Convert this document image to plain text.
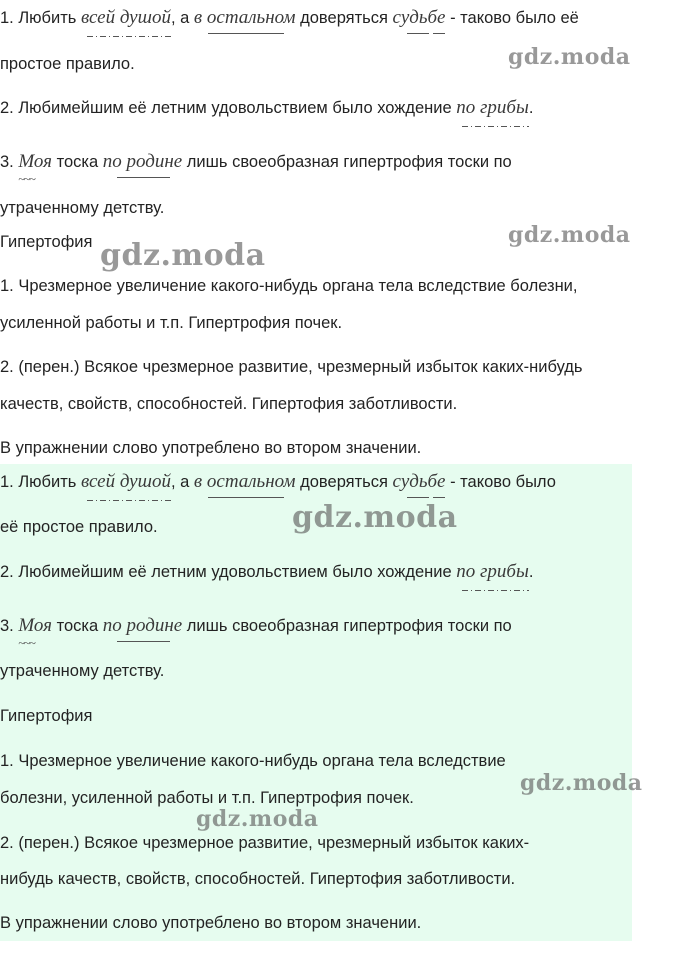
1. Любить всей душой, а в остальном доверяться судьбе - таково было её
простое правило.
2. Любимейшим её летним удовольствием было хождение по грибы.
3. Моя
~~~
тоска по родине лишь своеобразная гипертрофия тоски по
утраченному детству.
Гипертофия
1. Чрезмерное увеличение какого-нибудь органа тела вследствие болезни,
усиленной работы и т.п. Гипертрофия почек.
2. (перен.) Всякое чрезмерное развитие, чрезмерный избыток каких-нибудь
качеств, свойств, способностей. Гипертофия заботливости.
В упражнении слово употреблено во втором значении.
1. Любить всей душой, а в остальном доверяться судьбе - таково было
её простое правило.
2. Любимейшим её летним удовольствием было хождение по грибы.
3. Моя
~~~
тоска по родине лишь своеобразная гипертрофия тоски по
утраченному детству.
Гипертофия
1. Чрезмерное увеличение какого-нибудь органа тела вследствие
болезни, усиленной работы и т.п. Гипертрофия почек.
2. (перен.) Всякое чрезмерное развитие, чрезмерный избыток каких-
нибудь качеств, свойств, способностей. Гипертофия заботливости.
В упражнении слово употреблено во втором значении.
gdz.moda
gdz.moda
gdz.moda
gdz.moda
gdz.moda
gdz.moda
